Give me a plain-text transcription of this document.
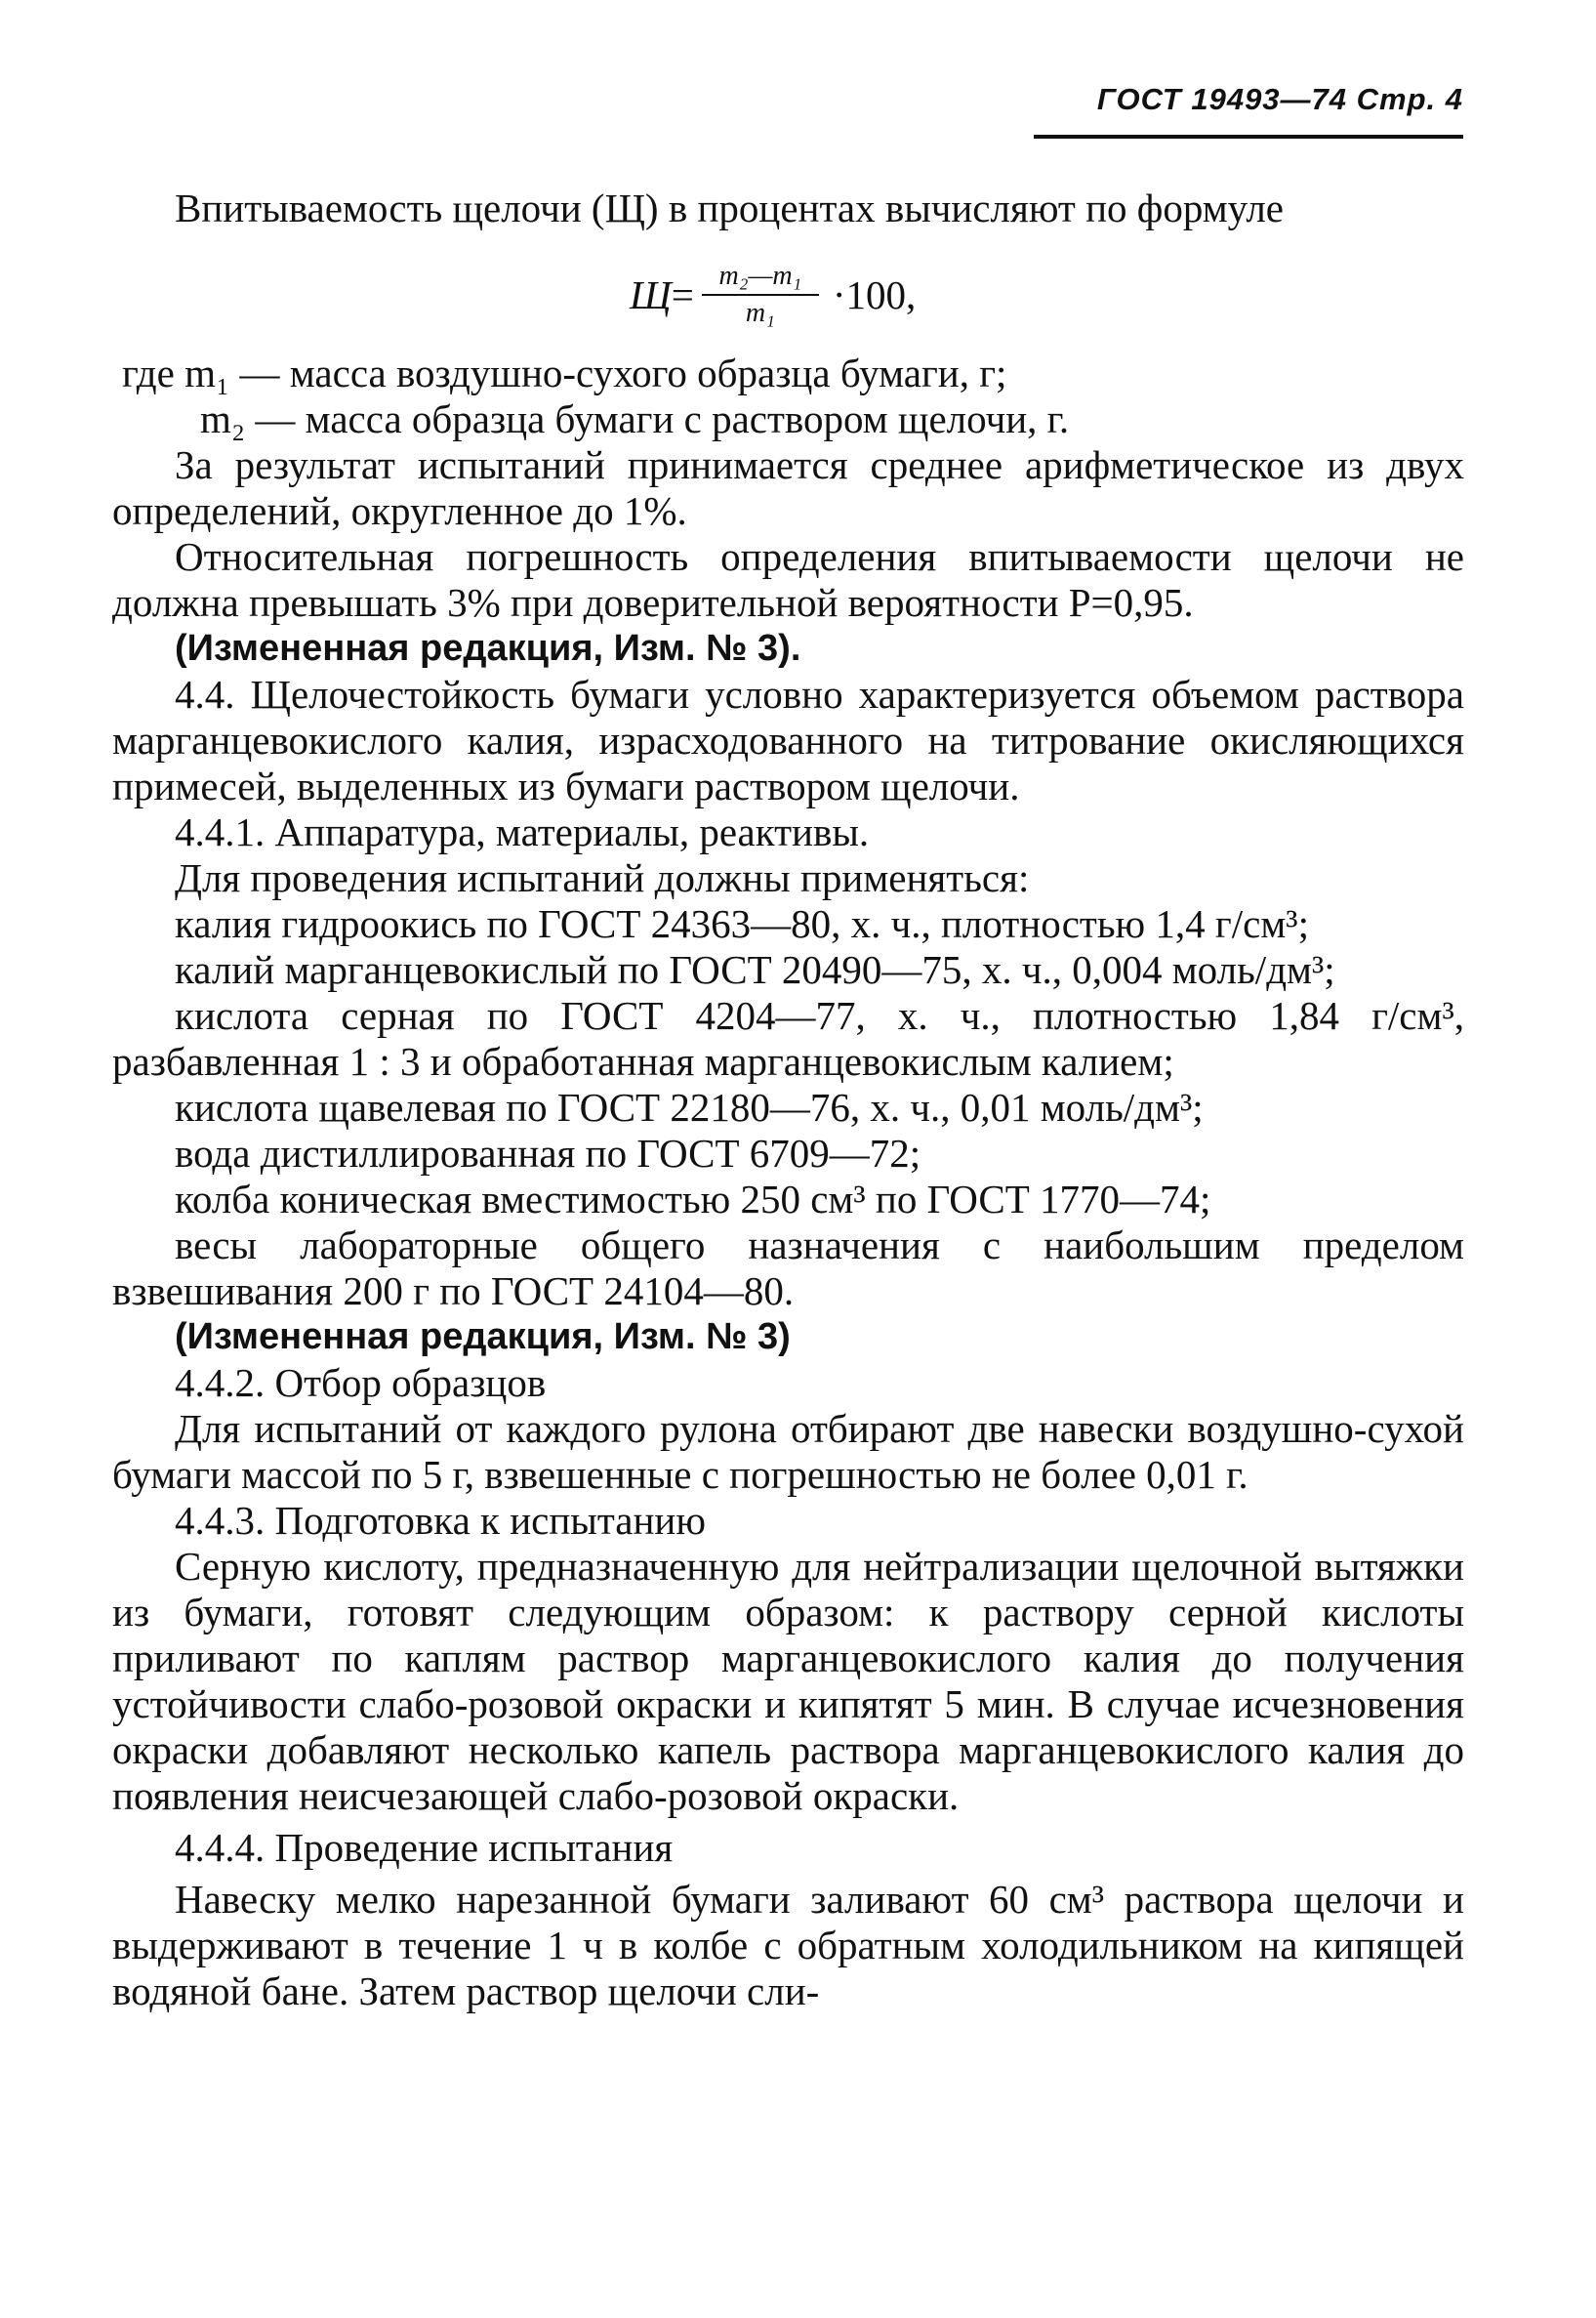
ГОСТ 19493—74 Стр. 4

Впитываемость щелочи (Щ) в процентах вычисляют по формуле

$Щ = \frac{\text{m₂—m₁}}{\text{m₁}} \cdot 100$,
где m₁ — масса воздушно-сухого образца бумаги, г;
m₂ — масса образца бумаги с раствором щелочи, г.

За результат испытаний принимается среднее арифметическое из двух определений, округленное до 1%.

Относительная погрешность определения впитываемости щелочи не должна превышать 3% при доверительной вероятности P=0,95.

(Измененная редакция, Изм. № 3).

4.4. Щелочестойкость бумаги условно характеризуется объемом раствора марганцевокислого калия, израсходованного на титрование окисляющихся примесей, выделенных из бумаги раствором щелочи.

4.4.1. Аппаратура, материалы, реактивы.

Для проведения испытаний должны применяться:

калия гидроокись по ГОСТ 24363—80, х. ч., плотностью 1,4 г/см³;

калий марганцевокислый по ГОСТ 20490—75, х. ч., 0,004 моль/дм³;

кислота серная по ГОСТ 4204—77, х. ч., плотностью 1,84 г/см³, разбавленная 1 : 3 и обработанная марганцевокислым калием;

кислота щавелевая по ГОСТ 22180—76, х. ч., 0,01 моль/дм³;

вода дистиллированная по ГОСТ 6709—72;

колба коническая вместимостью 250 см³ по ГОСТ 1770—74;

весы лабораторные общего назначения с наибольшим пределом взвешивания 200 г по ГОСТ 24104—80.

(Измененная редакция, Изм. № 3)

4.4.2. Отбор образцов

Для испытаний от каждого рулона отбирают две навески воздушно-сухой бумаги массой по 5 г, взвешенные с погрешностью не более 0,01 г.

4.4.3. Подготовка к испытанию

Серную кислоту, предназначенную для нейтрализации щелочной вытяжки из бумаги, готовят следующим образом: к раствору серной кислоты приливают по каплям раствор марганцевокислого калия до получения устойчивости слабо-розовой окраски и кипятят 5 мин. В случае исчезновения окраски добавляют несколько капель раствора марганцевокислого калия до появления неисчезающей слабо-розовой окраски.

4.4.4. Проведение испытания

Навеску мелко нарезанной бумаги заливают 60 см³ раствора щелочи и выдерживают в течение 1 ч в колбе с обратным холодильником на кипящей водяной бане. Затем раствор щелочи сли-
